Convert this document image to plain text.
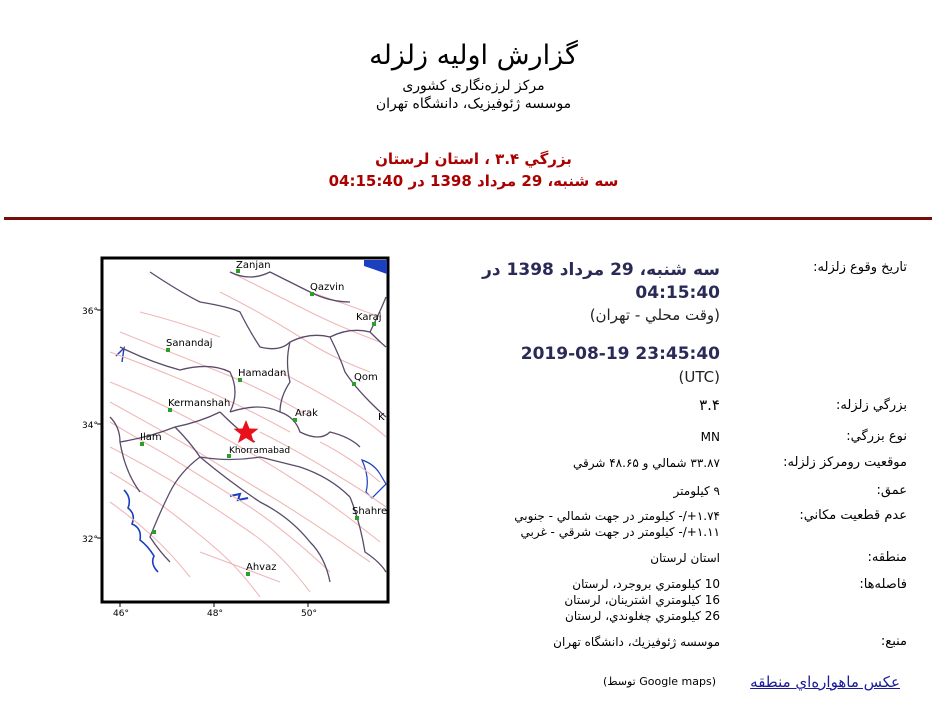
گزارش اولیه زلزله
مرکز لرزه‌نگاری کشوری
موسسه ژئوفیزیک، دانشگاه تهران
بزرگي ۳.۴ ، استان لرستان
سه شنبه، 29 مرداد 1398 در 04:15:40
تاریخ وقوع زلزله:
سه شنبه، 29 مرداد 1398 در
04:15:40
(وقت محلي - تهران)
2019-08-19 23:45:40
(UTC)
بزرگي زلزله:
۳.۴
نوع بزرگي:
MN
موقعيت رومركز زلزله:
۳۳.۸۷ شمالي و ۴۸.۶۵ شرقي
عمق:
۹ كيلومتر
عدم قطعيت مكاني:
۱.۷۴+/- كيلومتر در جهت شمالي - جنوبي
۱.۱۱+/- كيلومتر در جهت شرقي - غربي
منطقه:
استان لرستان
فاصله‌ها:
10 كيلومتري بروجرد، لرستان
16 كيلومتري اشترينان، لرستان
26 كيلومتري چغلوندي، لرستان
منبع:
موسسه ژئوفيزيك، دانشگاه تهران
عكس ماهواره‌اي منطقه
(توسط Google maps)
36°
34°
32°
46°	48°	50°
Zanjan
Qazvin
Karaj
Sanandaj
Hamadan	Qom
Kermanshah
Arak	K
Ilam
Khorramabad
Shahre
Ahvaz
